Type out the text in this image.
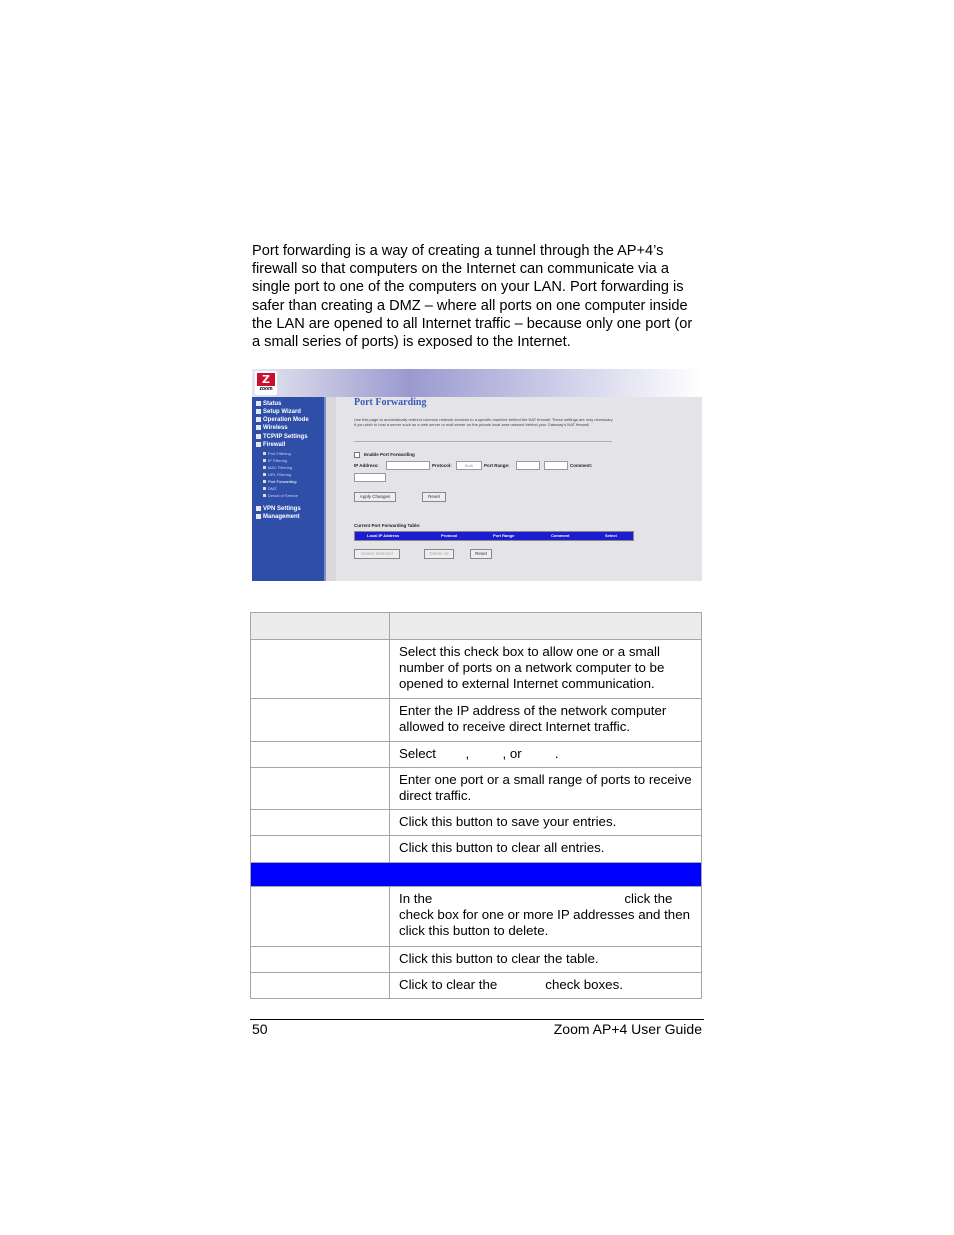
Port forwarding is a way of creating a tunnel through the AP+4’s firewall so that computers on the Internet can communicate via a single port to one of the computers on your LAN. Port forwarding is safer than creating a DMZ – where all ports on one computer inside the LAN are opened to all Internet traffic – because only one port (or a small series of ports) is exposed to the Internet.

Z
zoom
Status
Setup Wizard
Operation Mode
Wireless
TCP/IP Settings
Firewall
Port Filtering
IP Filtering
MAC Filtering
URL Filtering
Port Forwarding
DMZ
Denial of Service
VPN Settings
Management
Port Forwarding
Use this page to automatically redirect common network services to a specific machine behind the NAT firewall. These settings are only necessary if you wish to host a server such as a web server or mail server on the private local area network behind your Gateway's NAT firewall.
Enable Port Forwarding
IP Address:	Protocol:	Both	Port Range:	Comment:
Apply Changes	Reset
Current Port Forwarding Table:
Local IP Address	Protocol	Port Range	Comment	Select
Delete Selected	Delete All	Reset

	Select this check box to allow one or a small number of ports on a network computer to be opened to external Internet communication.
	Enter the IP address of the network computer allowed to receive direct Internet traffic.
	Select        ,         , or         .
	Enter one port or a small range of ports to receive direct traffic.
	Click this button to save your entries.
	Click this button to clear all entries.

	In the                                                    click the             check box for one or more IP addresses and then click this button to delete.
	Click this button to clear the table.
	Click to clear the             check boxes.
50	Zoom AP+4 User Guide
